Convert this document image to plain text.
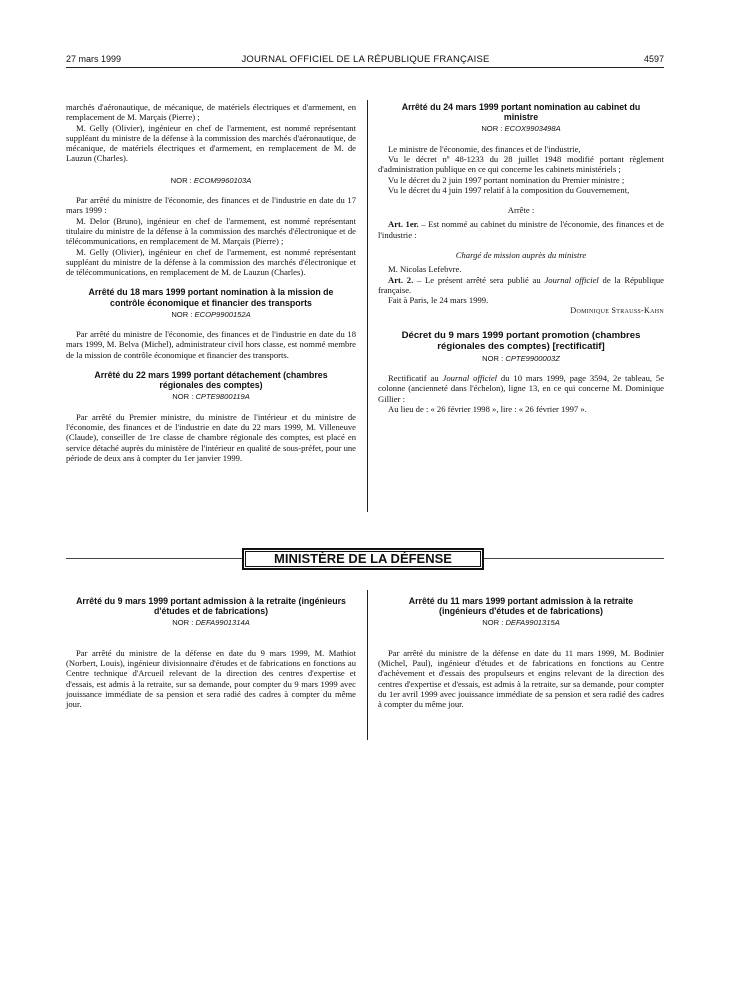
27 mars 1999	JOURNAL OFFICIEL DE LA RÉPUBLIQUE FRANÇAISE	4597

marchés d'aéronautique, de mécanique, de matériels électriques et d'armement, en remplacement de M. Marçais (Pierre) ;

M. Gelly (Olivier), ingénieur en chef de l'armement, est nommé représentant suppléant du ministre de la défense à la commission des marchés d'aéronautique, de mécanique, de matériels électriques et d'armement, en remplacement de M. de Lauzun (Charles).

NOR : ECOM9960103A

Par arrêté du ministre de l'économie, des finances et de l'industrie en date du 17 mars 1999 :

M. Delor (Bruno), ingénieur en chef de l'armement, est nommé représentant titulaire du ministre de la défense à la commission des marchés d'électronique et de télécommunications, en remplacement de M. Marçais (Pierre) ;

M. Gelly (Olivier), ingénieur en chef de l'armement, est nommé représentant suppléant du ministre de la défense à la commission des marchés d'électronique et de télécommunications, en remplacement de M. de Lauzun (Charles).

Arrêté du 18 mars 1999 portant nomination à la mission de contrôle économique et financier des transports
NOR : ECOP9900152A

Par arrêté du ministre de l'économie, des finances et de l'industrie en date du 18 mars 1999, M. Belva (Michel), administrateur civil hors classe, est nommé membre de la mission de contrôle économique et financier des transports.

Arrêté du 22 mars 1999 portant détachement (chambres régionales des comptes)
NOR : CPTE9800119A

Par arrêté du Premier ministre, du ministre de l'intérieur et du ministre de l'économie, des finances et de l'industrie en date du 22 mars 1999, M. Villeneuve (Claude), conseiller de 1re classe de chambre régionale des comptes, est placé en service détaché auprès du ministère de l'intérieur en qualité de sous-préfet, pour une période de deux ans à compter du 1er janvier 1999.

Arrêté du 24 mars 1999 portant nomination au cabinet du ministre
NOR : ECOX9903498A

Le ministre de l'économie, des finances et de l'industrie,

Vu le décret nº 48-1233 du 28 juillet 1948 modifié portant règlement d'administration publique en ce qui concerne les cabinets ministériels ;

Vu le décret du 2 juin 1997 portant nomination du Premier ministre ;

Vu le décret du 4 juin 1997 relatif à la composition du Gouvernement,

Arrête :

Art. 1er. – Est nommé au cabinet du ministre de l'économie, des finances et de l'industrie :

Chargé de mission auprès du ministre

M. Nicolas Lefebvre.

Art. 2. – Le présent arrêté sera publié au Journal officiel de la République française.

Fait à Paris, le 24 mars 1999.

Dominique Strauss-Kahn

Décret du 9 mars 1999 portant promotion (chambres régionales des comptes) [rectificatif]
NOR : CPTE9900003Z

Rectificatif au Journal officiel du 10 mars 1999, page 3594, 2e tableau, 5e colonne (ancienneté dans l'échelon), ligne 13, en ce qui concerne M. Dominique Gillier :

Au lieu de : « 26 février 1998 », lire : « 26 février 1997 ».

MINISTÈRE DE LA DÉFENSE
Arrêté du 9 mars 1999 portant admission à la retraite (ingénieurs d'études et de fabrications)
NOR : DEFA9901314A

Par arrêté du ministre de la défense en date du 9 mars 1999, M. Mathiot (Norbert, Louis), ingénieur divisionnaire d'études et de fabrications en fonctions au Centre technique d'Arcueil relevant de la direction des centres d'expertise et d'essais, est admis à la retraite, sur sa demande, pour compter du 9 mars 1999 avec jouissance immédiate de sa pension et sera radié des cadres à compter du même jour.

Arrêté du 11 mars 1999 portant admission à la retraite (ingénieurs d'études et de fabrications)
NOR : DEFA9901315A

Par arrêté du ministre de la défense en date du 11 mars 1999, M. Bodinier (Michel, Paul), ingénieur d'études et de fabrications en fonctions au Centre d'achèvement et d'essais des propulseurs et engins relevant de la direction des centres d'expertise et d'essais, est admis à la retraite, sur sa demande, pour compter du 1er avril 1999 avec jouissance immédiate de sa pension et sera radié des cadres à compter du même jour.
